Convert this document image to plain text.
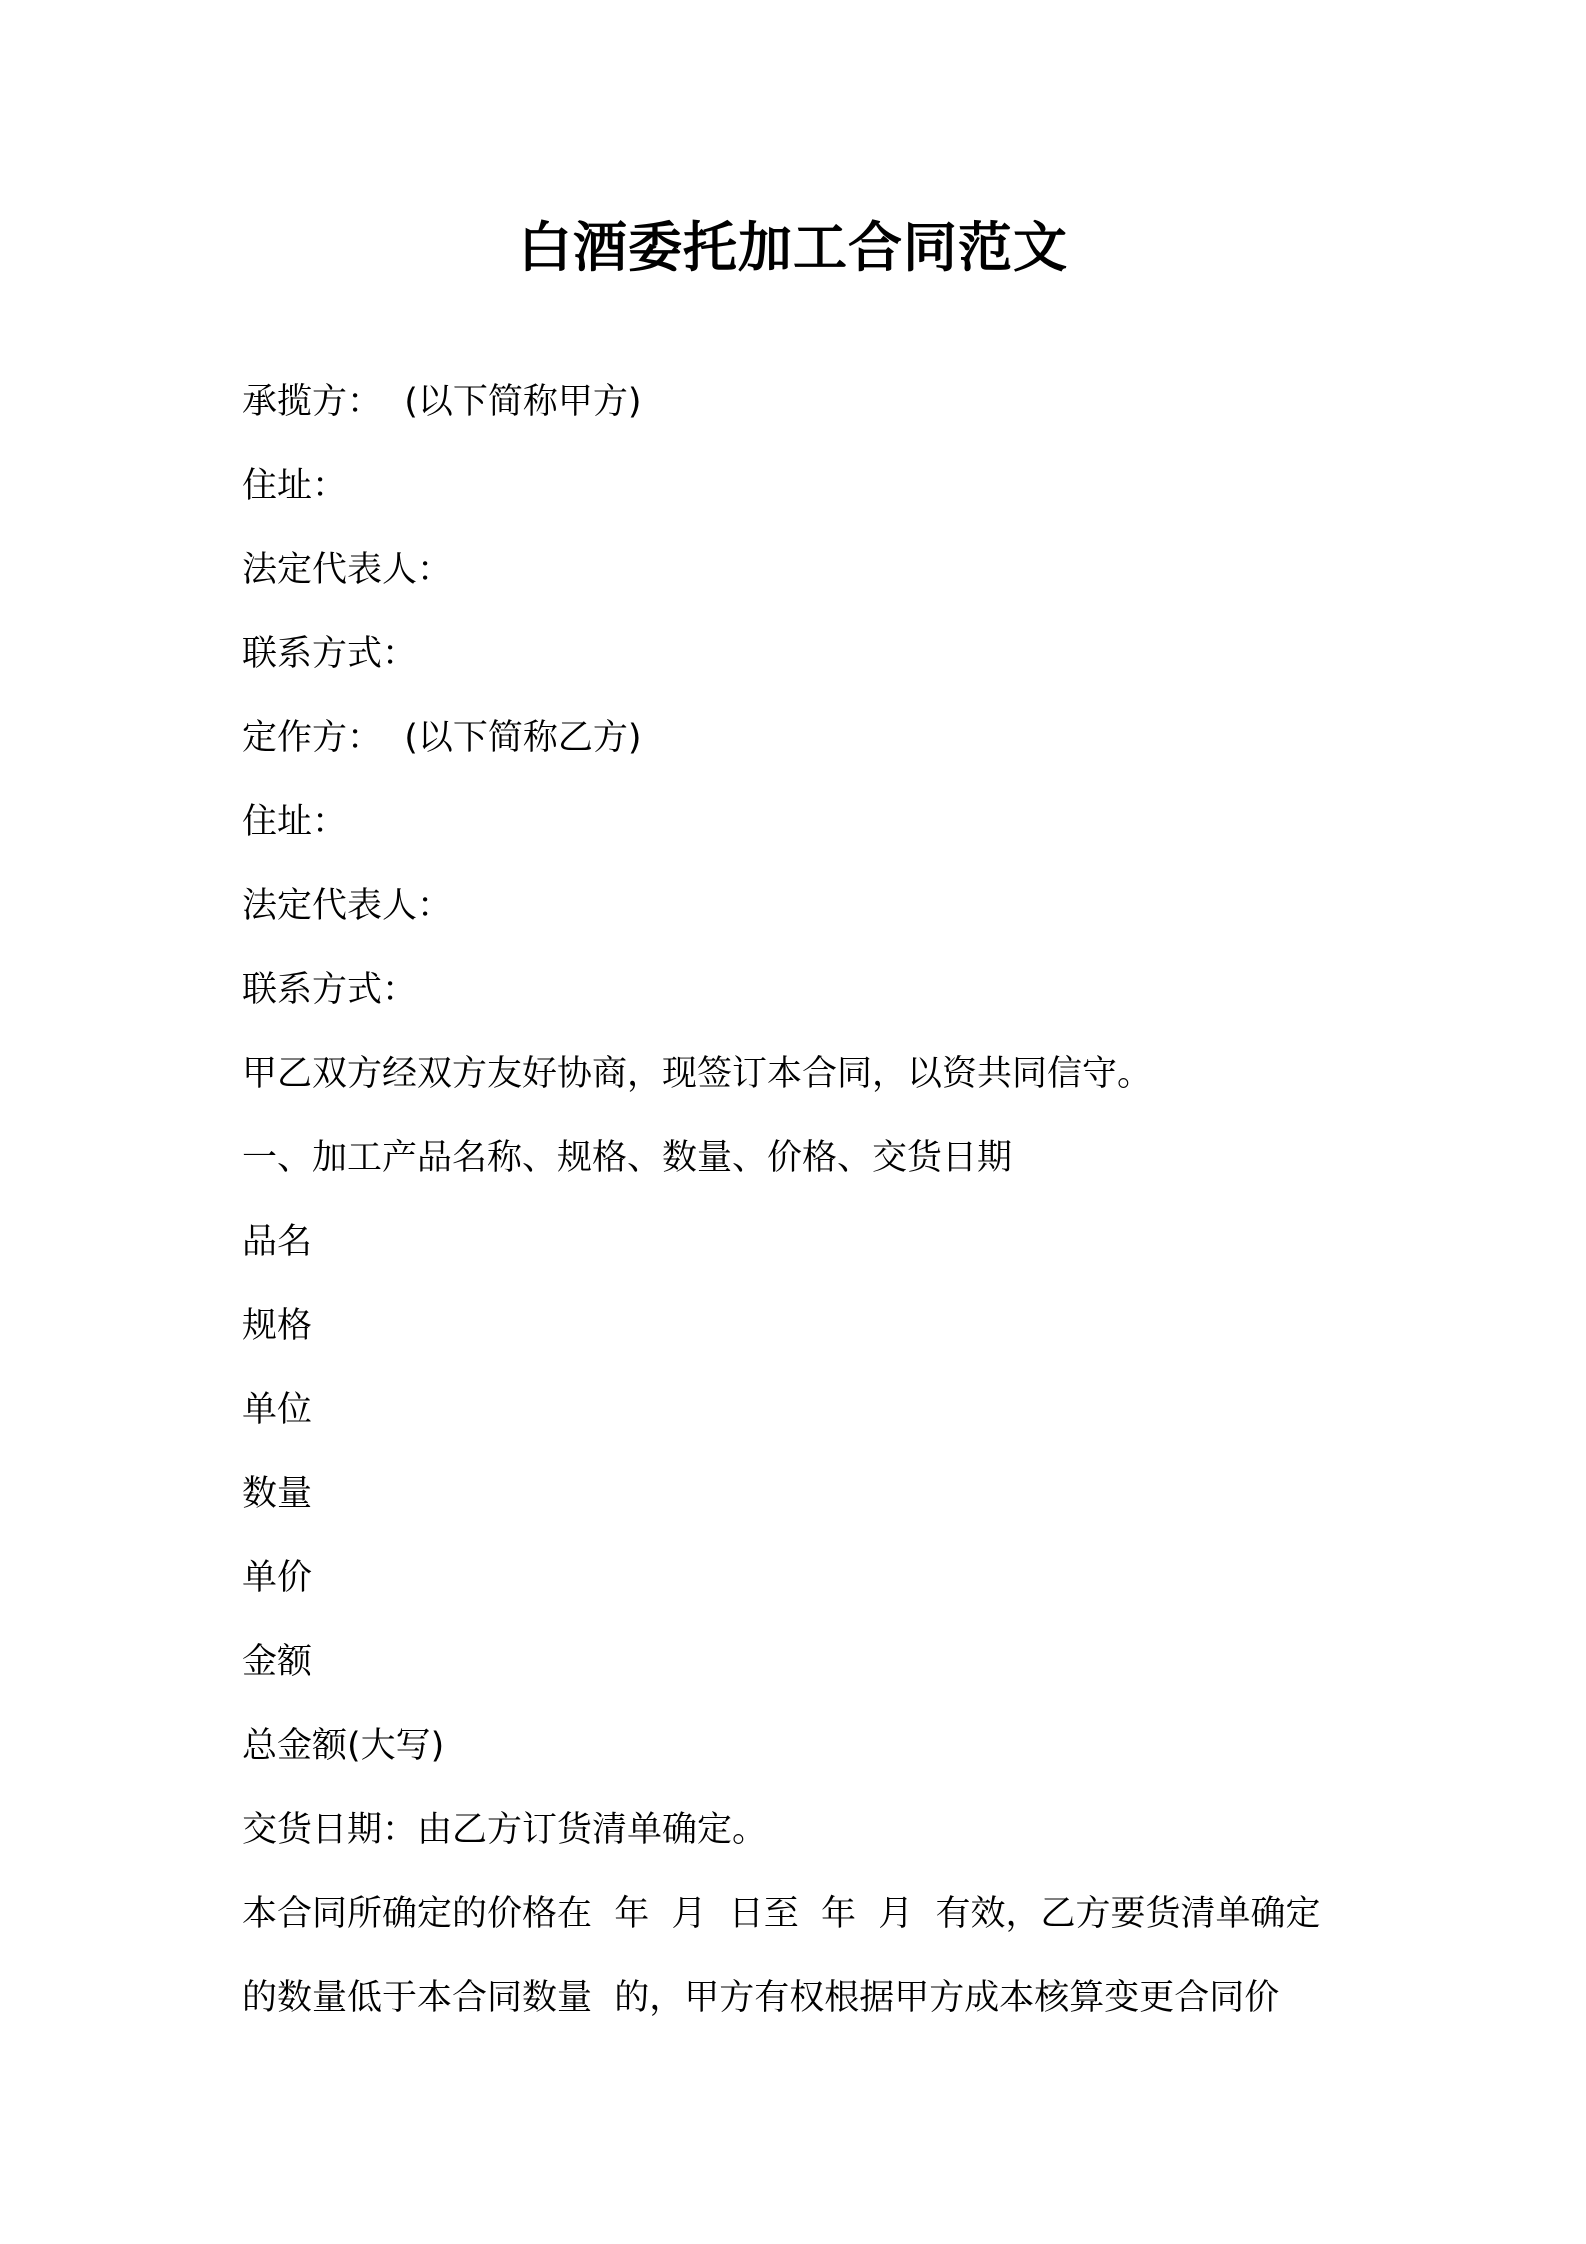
白酒委托加工合同范文
承揽方：  (以下简称甲方)
住址：
法定代表人：
联系方式：
定作方：  (以下简称乙方)
住址：
法定代表人：
联系方式：
甲乙双方经双方友好协商，现签订本合同，以资共同信守。
一、加工产品名称、规格、数量、价格、交货日期
品名
规格
单位
数量
单价
金额
总金额(大写)
交货日期：由乙方订货清单确定。
本合同所确定的价格在  年  月  日至  年  月  有效，乙方要货清单确定
的数量低于本合同数量  的，甲方有权根据甲方成本核算变更合同价
